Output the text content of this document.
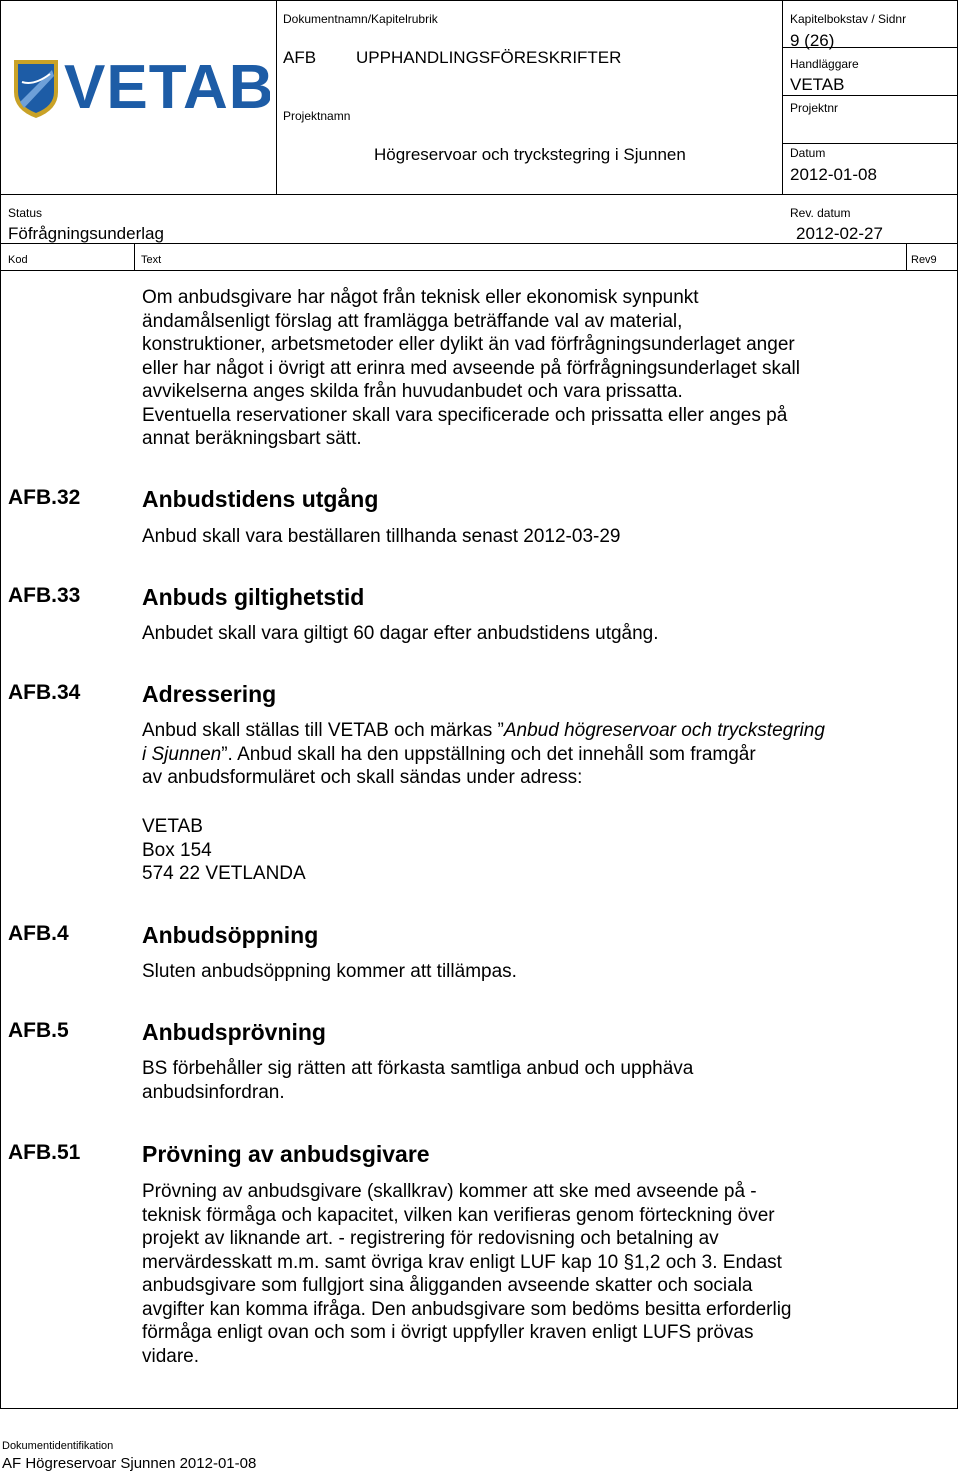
VETAB
Dokumentnamn/Kapitelrubrik
AFB UPPHANDLINGSFÖRESKRIFTER
Projektnamn
Högreservoar och tryckstegring i Sjunnen
Kapitelbokstav / Sidnr
9 (26)
Handläggare
VETAB
Projektnr
Datum
2012-01-08
Status
Föfrågningsunderlag
Rev. datum
2012-02-27
Kod	Text	Rev9
Om anbudsgivare har något från teknisk eller ekonomisk synpunkt
ändamålsenligt förslag att framlägga beträffande val av material,
konstruktioner, arbetsmetoder eller dylikt än vad förfrågningsunderlaget anger
eller har något i övrigt att erinra med avseende på förfrågningsunderlaget skall
avvikelserna anges skilda från huvudanbudet och vara prissatta.
Eventuella reservationer skall vara specificerade och prissatta eller anges på
annat beräkningsbart sätt.
AFB.32	Anbudstidens utgång
Anbud skall vara beställaren tillhanda senast 2012-03-29
AFB.33	Anbuds giltighetstid
Anbudet skall vara giltigt 60 dagar efter anbudstidens utgång.
AFB.34	Adressering
Anbud skall ställas till VETAB och märkas ”Anbud högreservoar och tryckstegring
i Sjunnen”. Anbud skall ha den uppställning och det innehåll som framgår
av anbudsformuläret och skall sändas under adress:
VETAB
Box 154
574 22 VETLANDA
AFB.4	Anbudsöppning
Sluten anbudsöppning kommer att tillämpas.
AFB.5	Anbudsprövning
BS förbehåller sig rätten att förkasta samtliga anbud och upphäva
anbudsinfordran.
AFB.51	Prövning av anbudsgivare
Prövning av anbudsgivare (skallkrav) kommer att ske med avseende på -
teknisk förmåga och kapacitet, vilken kan verifieras genom förteckning över
projekt av liknande art. - registrering för redovisning och betalning av
mervärdesskatt m.m. samt övriga krav enligt LUF kap 10 §1,2 och 3. Endast
anbudsgivare som fullgjort sina åligganden avseende skatter och sociala
avgifter kan komma ifråga. Den anbudsgivare som bedöms besitta erforderlig
förmåga enligt ovan och som i övrigt uppfyller kraven enligt LUFS prövas
vidare.
Dokumentidentifikation
AF Högreservoar Sjunnen 2012-01-08
